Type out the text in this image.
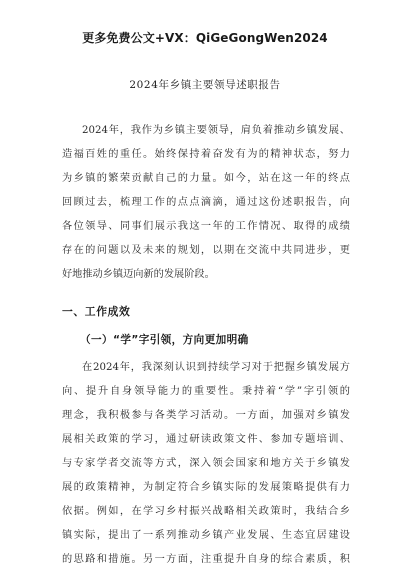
更多免费公文+VX：QiGeGongWen2024
2024年乡镇主要领导述职报告
2024年，我作为乡镇主要领导，肩负着推动乡镇发展、
造福百姓的重任。始终保持着奋发有为的精神状态，努力
为乡镇的繁荣贡献自己的力量。如今，站在这一年的终点
回顾过去，梳理工作的点点滴滴，通过这份述职报告，向
各位领导、同事们展示我这一年的工作情况、取得的成绩
存在的问题以及未来的规划，以期在交流中共同进步，更
好地推动乡镇迈向新的发展阶段。
一、工作成效
（一）“学”字引领，方向更加明确
在2024年，我深刻认识到持续学习对于把握乡镇发展方
向、提升自身领导能力的重要性。秉持着“学”字引领的
理念，我积极参与各类学习活动。一方面，加强对乡镇发
展相关政策的学习，通过研读政策文件、参加专题培训、
与专家学者交流等方式，深入领会国家和地方关于乡镇发
展的政策精神，为制定符合乡镇实际的发展策略提供有力
依据。例如，在学习乡村振兴战略相关政策时，我结合乡
镇实际，提出了一系列推动乡镇产业发展、生态宜居建设
的思路和措施。另一方面，注重提升自身的综合素质，积
